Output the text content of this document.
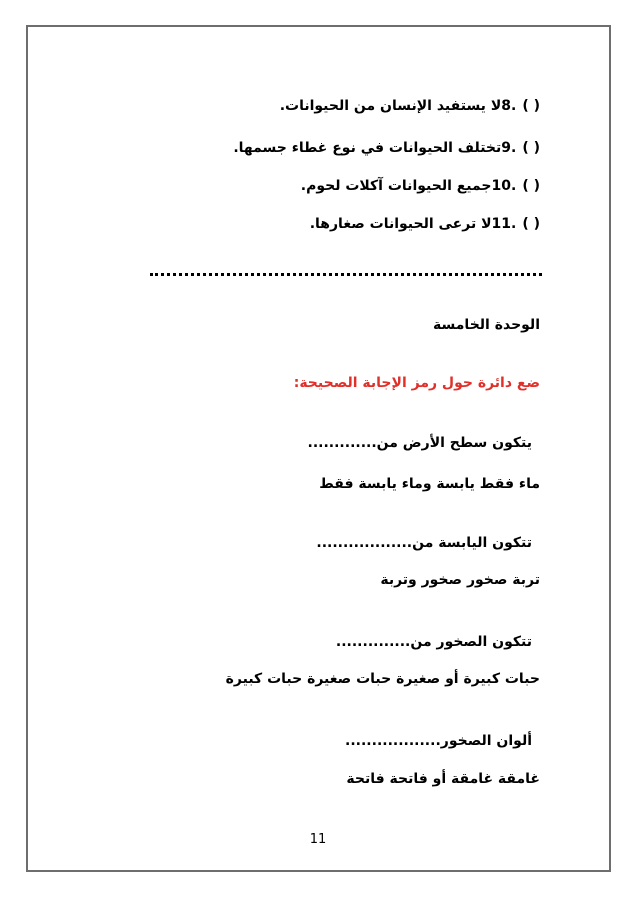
( )
.8
لا يستفيد الإنسان من الحيوانات.
( )
.9
تختلف الحيوانات في نوع غطاء جسمها.
( )
.10
جميع الحيوانات آكلات لحوم.
( )
.11
لا ترعى الحيوانات صغارها.
الوحدة الخامسة
ضع دائرة حول رمز الإجابة الصحيحة:
يتكون سطح الأرض من.............
ماء فقط يابسة وماء يابسة فقط
تتكون اليابسة من..................
تربة صخور صخور وتربة
تتكون الصخور من..............
حبات كبيرة أو صغيرة حبات صغيرة حبات كبيرة
ألوان الصخور..................
غامقة غامقة أو فاتحة فاتحة
11
